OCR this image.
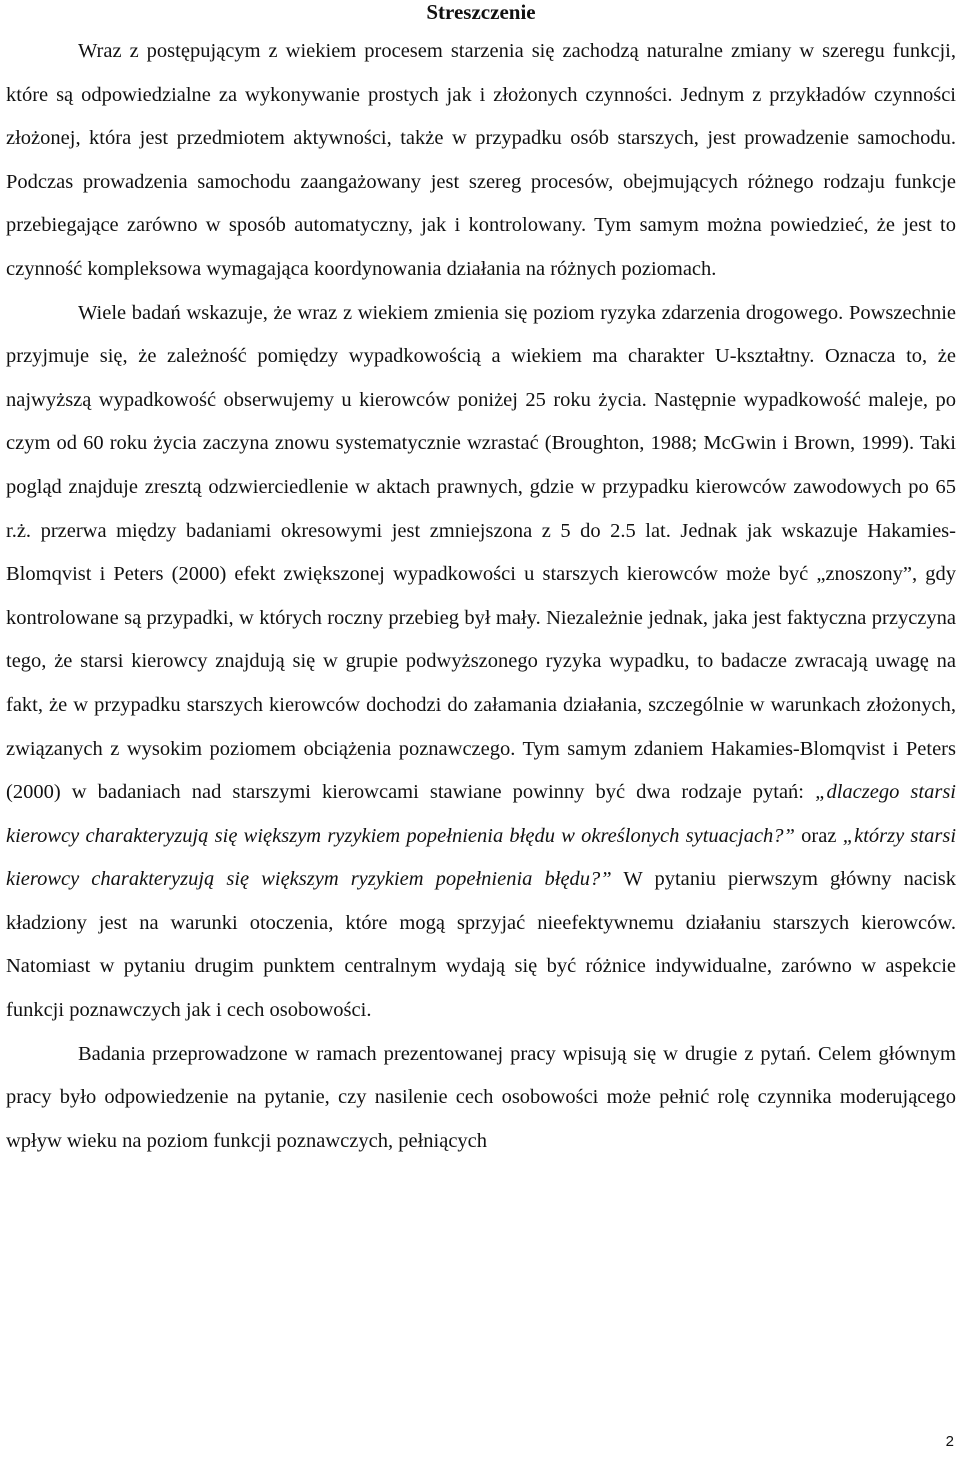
Streszczenie

Wraz z postępującym z wiekiem procesem starzenia się zachodzą naturalne zmiany w szeregu funkcji, które są odpowiedzialne za wykonywanie prostych jak i złożonych czynności. Jednym z przykładów czynności złożonej, która jest przedmiotem aktywności, także w przypadku osób starszych, jest prowadzenie samochodu. Podczas prowadzenia samochodu zaangażowany jest szereg procesów, obejmujących różnego rodzaju funkcje przebiegające zarówno w sposób automatyczny, jak i kontrolowany. Tym samym można powiedzieć, że jest to czynność kompleksowa wymagająca koordynowania działania na różnych poziomach.

Wiele badań wskazuje, że wraz z wiekiem zmienia się poziom ryzyka zdarzenia drogowego. Powszechnie przyjmuje się, że zależność pomiędzy wypadkowością a wiekiem ma charakter U-kształtny. Oznacza to, że najwyższą wypadkowość obserwujemy u kierowców poniżej 25 roku życia. Następnie wypadkowość maleje, po czym od 60 roku życia zaczyna znowu systematycznie wzrastać (Broughton, 1988; McGwin i Brown, 1999). Taki pogląd znajduje zresztą odzwierciedlenie w aktach prawnych, gdzie w przypadku kierowców zawodowych po 65 r.ż. przerwa między badaniami okresowymi jest zmniejszona z 5 do 2.5 lat. Jednak jak wskazuje Hakamies-Blomqvist i Peters (2000) efekt zwiększonej wypadkowości u starszych kierowców może być „znoszony”, gdy kontrolowane są przypadki, w których roczny przebieg był mały. Niezależnie jednak, jaka jest faktyczna przyczyna tego, że starsi kierowcy znajdują się w grupie podwyższonego ryzyka wypadku, to badacze zwracają uwagę na fakt, że w przypadku starszych kierowców dochodzi do załamania działania, szczególnie w warunkach złożonych, związanych z wysokim poziomem obciążenia poznawczego. Tym samym zdaniem Hakamies-Blomqvist i Peters (2000) w badaniach nad starszymi kierowcami stawiane powinny być dwa rodzaje pytań: „dlaczego starsi kierowcy charakteryzują się większym ryzykiem popełnienia błędu w określonych sytuacjach?” oraz „którzy starsi kierowcy charakteryzują się większym ryzykiem popełnienia błędu?” W pytaniu pierwszym główny nacisk kładziony jest na warunki otoczenia, które mogą sprzyjać nieefektywnemu działaniu starszych kierowców. Natomiast w pytaniu drugim punktem centralnym wydają się być różnice indywidualne, zarówno w aspekcie funkcji poznawczych jak i cech osobowości.

Badania przeprowadzone w ramach prezentowanej pracy wpisują się w drugie z pytań. Celem głównym pracy było odpowiedzenie na pytanie, czy nasilenie cech osobowości może pełnić rolę czynnika moderującego wpływ wieku na poziom funkcji poznawczych, pełniących

2
